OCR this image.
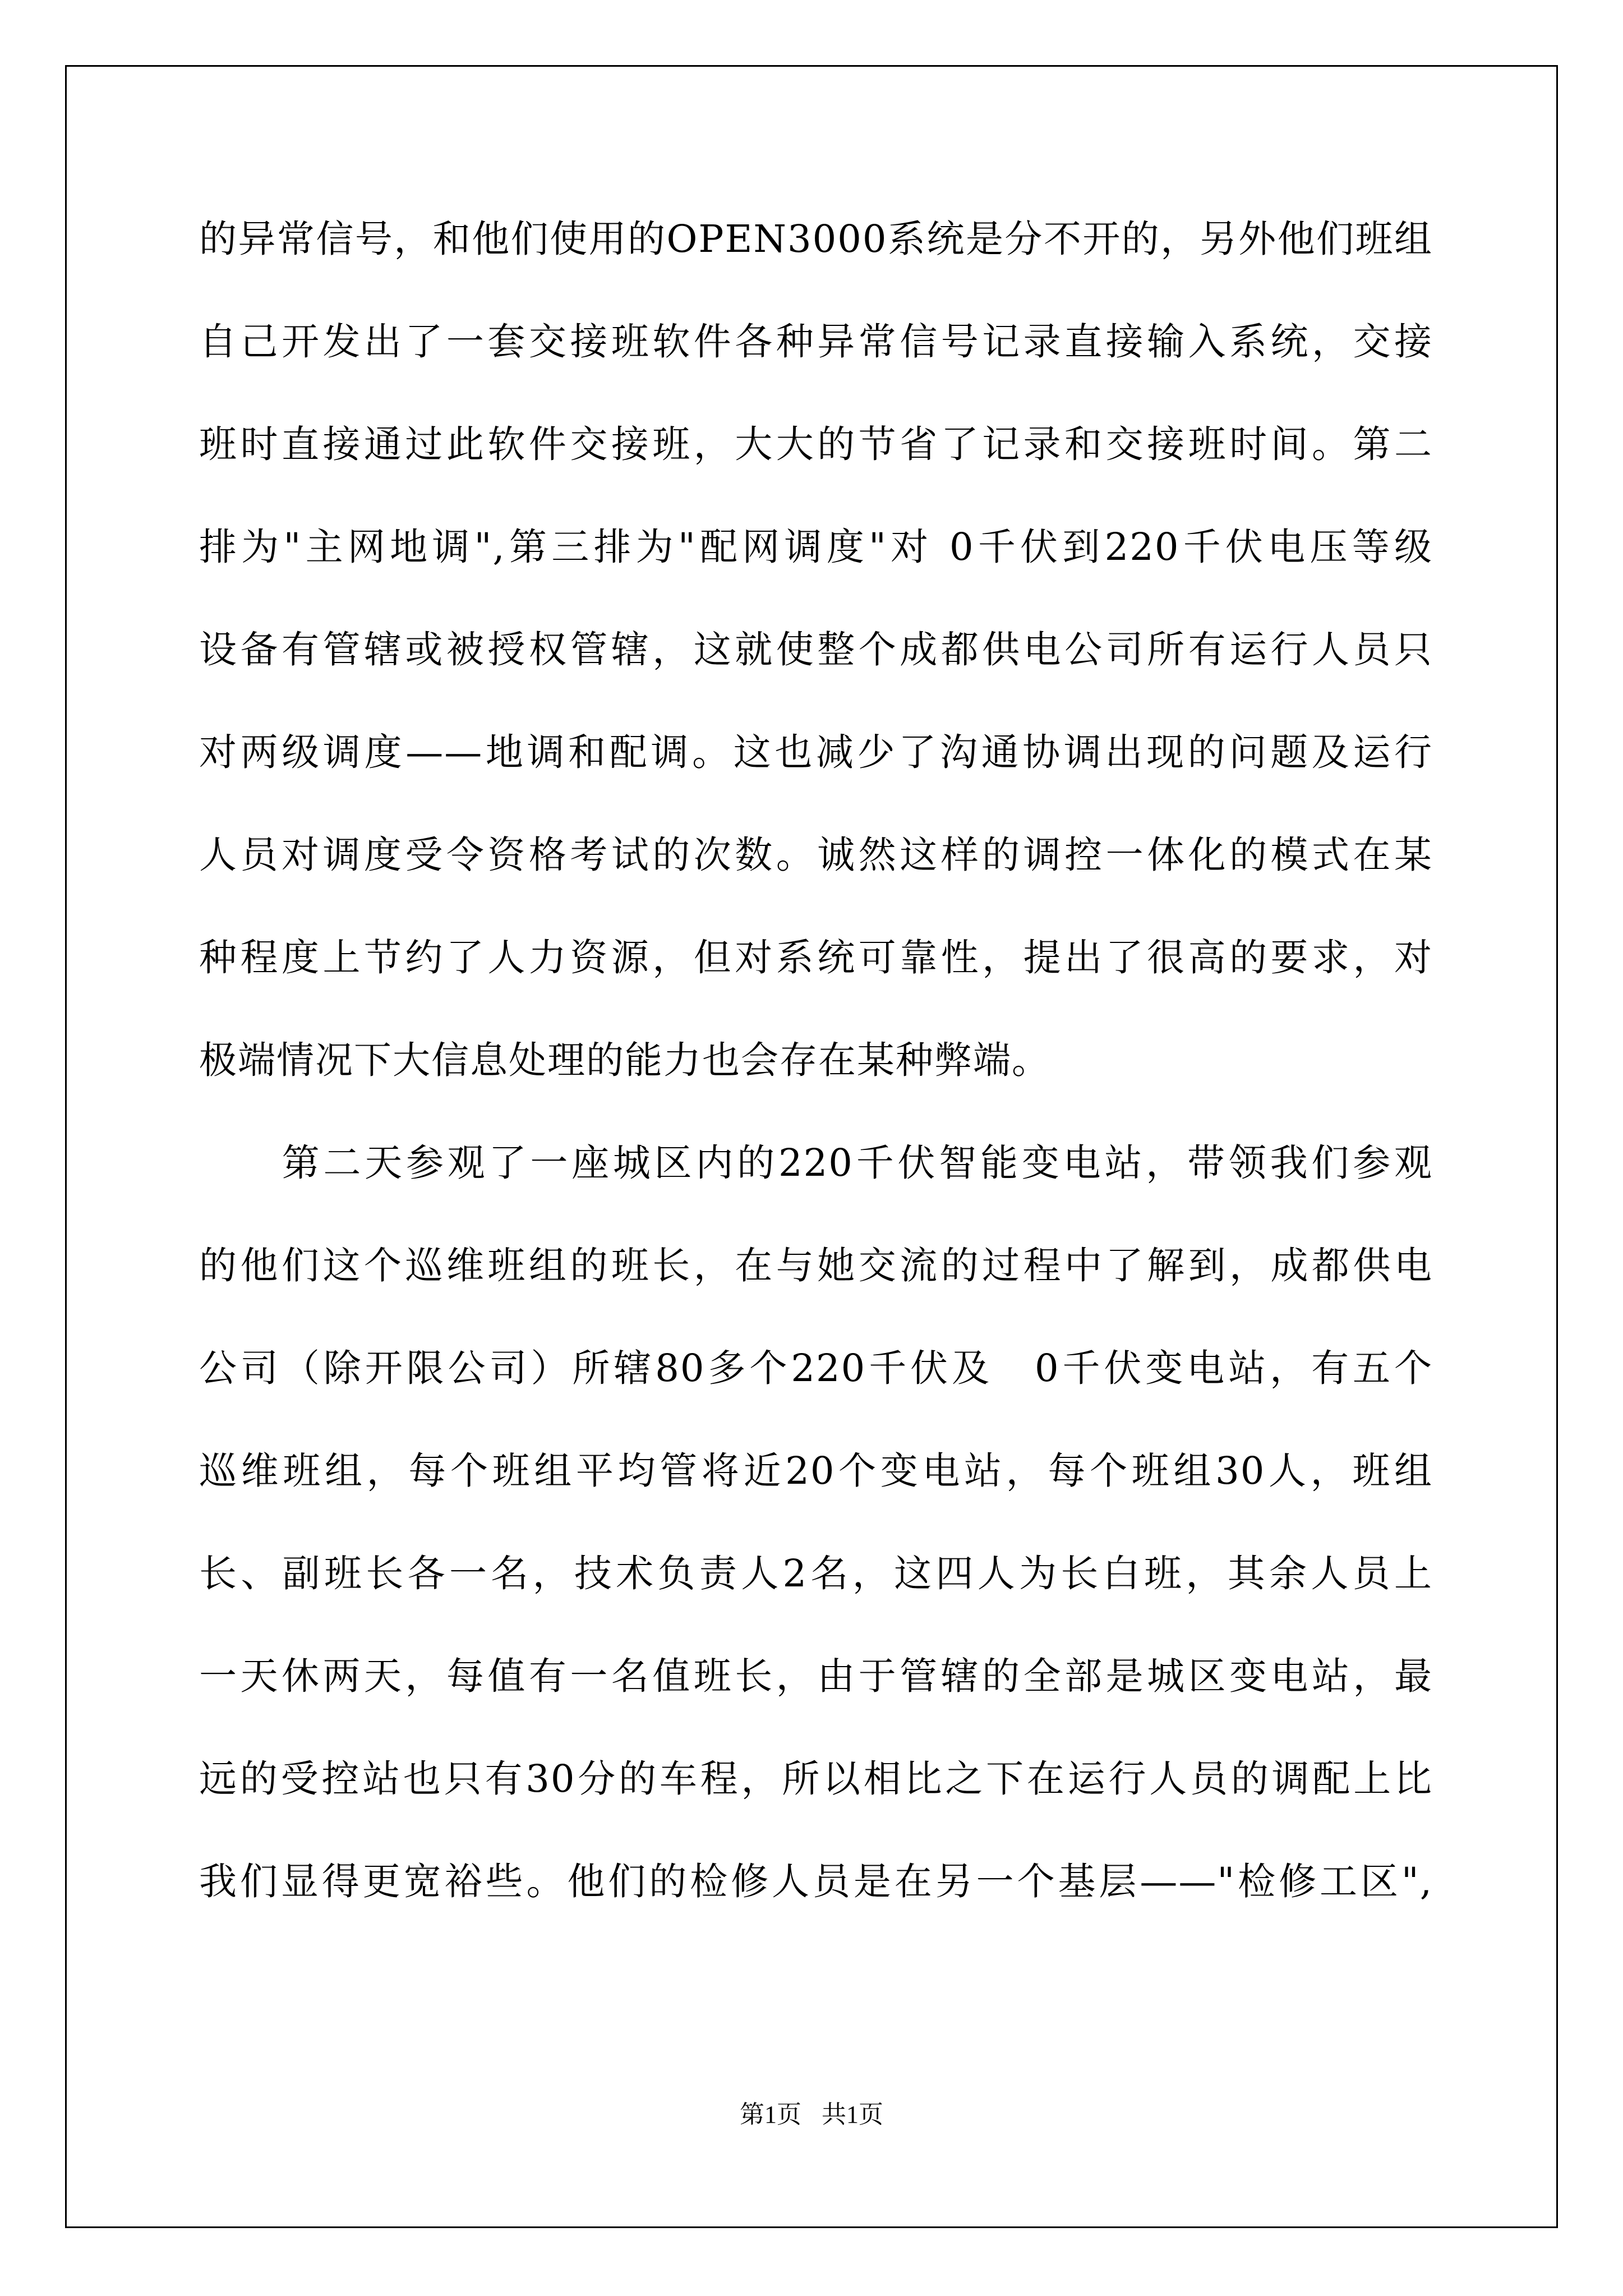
的异常信号，和他们使用的OPEN3000系统是分不开的，另外他们班组
自己开发出了一套交接班软件各种异常信号记录直接输入系统，交接
班时直接通过此软件交接班，大大的节省了记录和交接班时间。第二
排为"主网地调",第三排为"配网调度"对 0千伏到220千伏电压等级
设备有管辖或被授权管辖，这就使整个成都供电公司所有运行人员只
对两级调度——地调和配调。这也减少了沟通协调出现的问题及运行
人员对调度受令资格考试的次数。诚然这样的调控一体化的模式在某
种程度上节约了人力资源，但对系统可靠性，提出了很高的要求，对
极端情况下大信息处理的能力也会存在某种弊端。
　　第二天参观了一座城区内的220千伏智能变电站，带领我们参观
的他们这个巡维班组的班长，在与她交流的过程中了解到，成都供电
公司（除开限公司）所辖80多个220千伏及　0千伏变电站，有五个
巡维班组，每个班组平均管将近20个变电站，每个班组30人，班组
长、副班长各一名，技术负责人2名，这四人为长白班，其余人员上
一天休两天，每值有一名值班长，由于管辖的全部是城区变电站，最
远的受控站也只有30分的车程，所以相比之下在运行人员的调配上比
我们显得更宽裕些。他们的检修人员是在另一个基层——"检修工区",
第1页 共1页
